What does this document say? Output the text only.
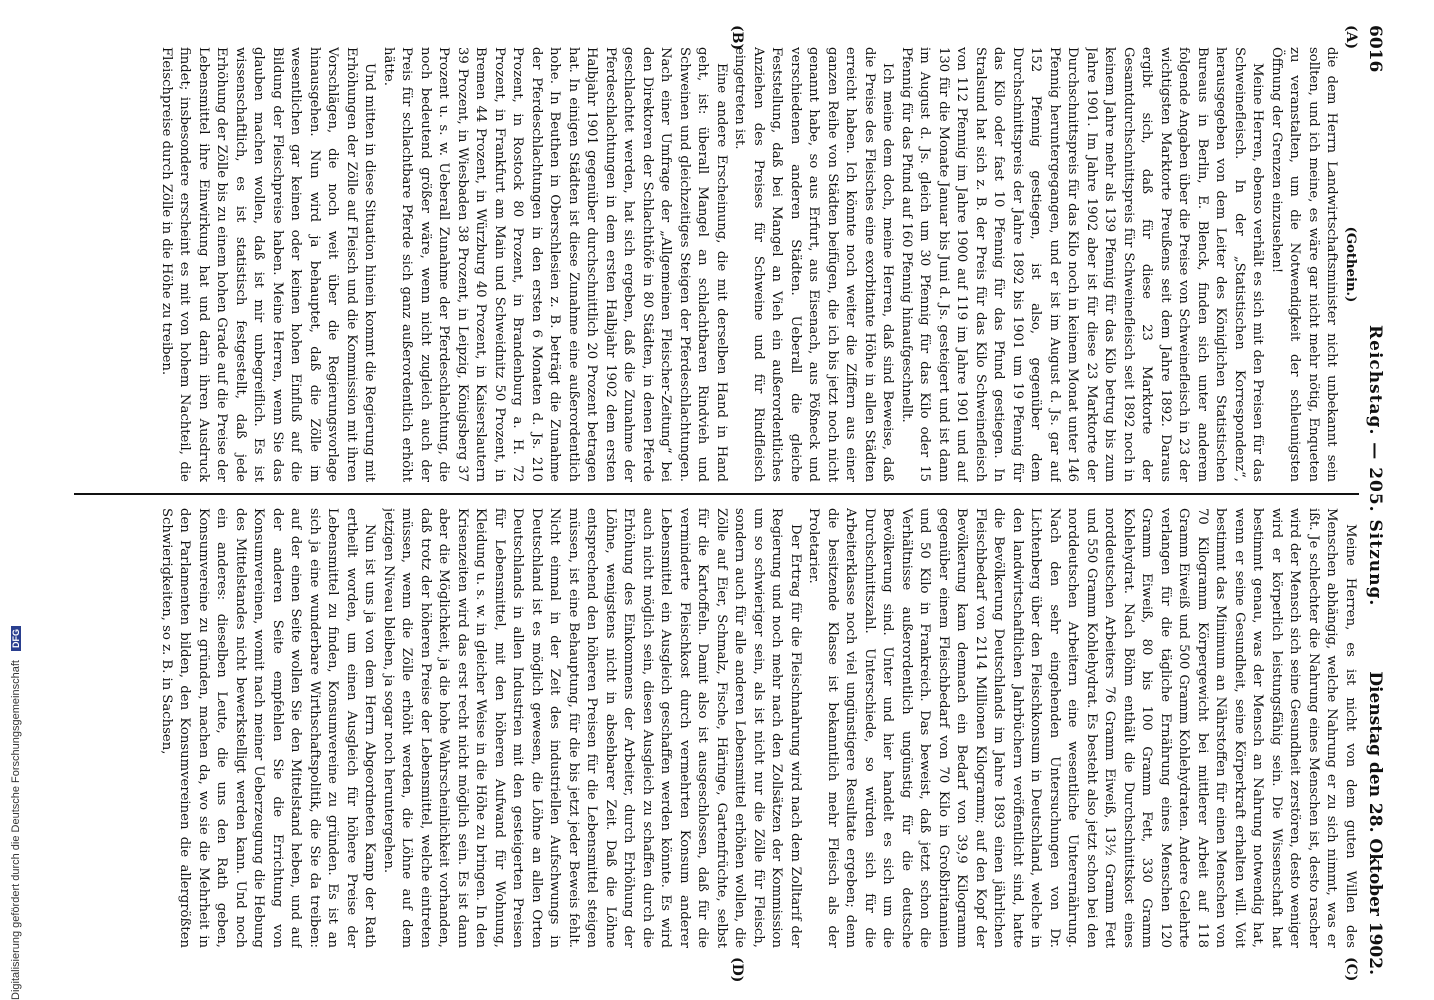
6016
Reichstag. — 205. Sitzung.
Dienstag den 28. Oktober 1902.
(A)
(B)
(C)
(D)
(Gothein.)

die dem Herrn Landwirtschaftsminister nicht unbekannt sein sollten, und ich meine, es wäre gar nicht mehr nötig, Enqueten zu veranstalten, um die Notwendigkeit der schleunigsten Öffnung der Grenzen einzusehen!

Meine Herren, ebenso verhält es sich mit den Preisen für das Schweinefleisch. In der „Statistischen Korrespondenz“, herausgegeben von dem Leiter des Königlichen Statistischen Bureaus in Berlin, E. Blenck, finden sich unter anderem folgende Angaben über die Preise von Schweinefleisch in 23 der wichtigsten Marktorte Preußens seit dem Jahre 1892. Daraus ergibt sich, daß für diese 23 Marktorte der Gesamtdurchschnittspreis für Schweinefleisch seit 1892 noch in keinem Jahre mehr als 139 Pfennig für das Kilo betrug bis zum Jahre 1901. Im Jahre 1902 aber ist für diese 23 Marktorte der Durchschnittspreis für das Kilo noch in keinem Monat unter 146 Pfennig heruntergegangen, und er ist im August d. Js. gar auf 152 Pfennig gestiegen, ist also, gegenüber dem Durchschnittspreis der Jahre 1892 bis 1901 um 19 Pfennig für das Kilo oder fast 10 Pfennig für das Pfund gestiegen. In Stralsund hat sich z. B. der Preis für das Kilo Schweinefleisch von 112 Pfennig im Jahre 1900 auf 119 im Jahre 1901 und auf 130 für die Monate Januar bis Juni d. Js. gesteigert und ist dann im August d. Js. gleich um 30 Pfennig für das Kilo oder 15 Pfennig für das Pfund auf 160 Pfennig hinaufgeschnellt.

Ich meine dem doch, meine Herren, daß sind Beweise, daß die Preise des Fleisches eine exorbitante Höhe in allen Städten erreicht haben. Ich könnte noch weiter die Ziffern aus einer ganzen Reihe von Städten beifügen, die ich bis jetzt noch nicht genannt habe, so aus Erfurt, aus Eisenach, aus Pößneck und verschiedenen anderen Städten. Ueberall die gleiche Feststellung, daß bei Mangel an Vieh ein außerordentliches Anziehen des Preises für Schweine und für Rindfleisch eingetreten ist.

Eine andere Erscheinung, die mit derselben Hand in Hand geht, ist: überall Mangel an schlachtbaren Rindvieh und Schweinen und gleichzeitiges Steigen der Pferdeschlachtungen. Nach einer Umfrage der „Allgemeinen Fleischer-Zeitung“ bei den Direktoren der Schlachthöfe in 80 Städten, in denen Pferde geschlachtet werden, hat sich ergeben, daß die Zunahme der Pferdeschlachtungen in dem ersten Halbjahr 1902 dem ersten Halbjahr 1901 gegenüber durchschnittlich 20 Prozent betragen hat. In einigen Städten ist diese Zunahme eine außerordentlich hohe. In Beuthen in Oberschlesien z. B. beträgt die Zunahme der Pferdeschlachtungen in den ersten 6 Monaten d. Js. 210 Prozent, in Rostock 80 Prozent, in Brandenburg a. H. 72 Prozent, in Frankfurt am Main und Schweidnitz 50 Prozent, in Bremen 44 Prozent, in Würzburg 40 Prozent, in Kaiserslautern 39 Prozent, in Wiesbaden 38 Prozent, in Leipzig, Königsberg 37 Prozent u. s. w. Ueberall Zunahme der Pferdeschlachtung, die noch bedeutend größer wäre, wenn nicht zugleich auch der Preis für schlachtbare Pferde sich ganz außerordentlich erhöht hätte.

Und mitten in diese Situation hinein kommt die Regierung mit Erhöhungen der Zölle auf Fleisch und die Kommission mit ihren Vorschlägen, die noch weit über die Regierungsvorlage hinausgehen. Nun wird ja behauptet, daß die Zölle im wesentlichen gar keinen oder keinen hohen Einfluß auf die Bildung der Fleischpreise haben. Meine Herren, wenn Sie das glauben machen wollen, daß ist mir unbegreiflich. Es ist wissenschaftlich, es ist statistisch festgestellt, daß jede Erhöhung der Zölle bis zu einem hohen Grade auf die Preise der Lebensmittel ihre Einwirkung hat und darin ihren Ausdruck findet; insbesondere erscheint es mit von hohem Nachteil, die Fleischpreise durch Zölle in die Höhe zu treiben.

Meine Herren, es ist nicht von dem guten Willen des Menschen abhängig, welche Nahrung er zu sich nimmt, was er ißt. Je schlechter die Nahrung eines Menschen ist, desto rascher wird der Mensch sich seine Gesundheit zerstören, desto weniger wird er körperlich leistungsfähig sein. Die Wissenschaft hat bestimmt genau, was der Mensch an Nahrung notwendig hat, wenn er seine Gesundheit, seine Körperkraft erhalten will. Voit bestimmt das Minimum an Nährstoffen für einen Menschen von 70 Kilogramm Körpergewicht bei mittlerer Arbeit auf 118 Gramm Eiweiß und 500 Gramm Kohlehydraten. Andere Gelehrte verlangen für die tägliche Ernährung eines Menschen 120 Gramm Eiweiß, 80 bis 100 Gramm Fett, 330 Gramm Kohlehydrat. Nach Böhm enthält die Durchschnittskost eines norddeutschen Arbeiters 76 Gramm Eiweiß, 13½ Gramm Fett und 550 Gramm Kohlehydrat. Es besteht also jetzt schon bei den norddeutschen Arbeitern eine wesentliche Unterernährung. Nach den sehr eingehenden Untersuchungen von Dr. Lichtenberg über den Fleischkonsum in Deutschland, welche in den landwirtschaftlichen Jahrbüchern veröffentlicht sind, hatte die Bevölkerung Deutschlands im Jahre 1893 einen jährlichen Fleischbedarf von 2114 Millionen Kilogramm; auf den Kopf der Bevölkerung kam demnach ein Bedarf von 39,9 Kilogramm gegenüber einem Fleischbedarf von 70 Kilo in Großbritannien und 50 Kilo in Frankreich. Das beweist, daß jetzt schon die Verhältnisse außerordentlich ungünstig für die deutsche Bevölkerung sind. Unter und hier handelt es sich um die Durchschnittszahl. Unterschiede, so würden sich für die Arbeiterklasse noch viel ungünstigere Resultate ergeben; denn die besitzende Klasse ist bekanntlich mehr Fleisch als der Proletarier.

Der Ertrag für die Fleischnahrung wird nach dem Zolltarif der Regierung und noch mehr nach den Zollsätzen der Kommission um so schwieriger sein, als ist nicht nur die Zölle für Fleisch, sondern auch für alle anderen Lebensmittel erhöhen wollen, die Zölle auf Eier, Schmalz, Fische, Häringe, Gartenfrüchte, selbst für die Kartoffeln. Damit also ist ausgeschlossen, daß für die verminderte Fleischkost durch vermehrten Konsum anderer Lebensmittel ein Ausgleich geschaffen werden könnte. Es wird auch nicht möglich sein, diesen Ausgleich zu schaffen durch die Erhöhung des Einkommens der Arbeiter, durch Erhöhung der Löhne, wenigstens nicht in absehbarer Zeit. Daß die Löhne entsprechend den höheren Preisen für die Lebensmittel steigen müssen, ist eine Behauptung, für die bis jetzt jeder Beweis fehlt. Nicht einmal in der Zeit des industriellen Aufschwungs in Deutschland ist es möglich gewesen, die Löhne an allen Orten Deutschlands in allen Industrien mit den gesteigerten Preisen für Lebensmittel, mit den höheren Aufwand für Wohnung, Kleidung u. s. w. in gleicher Weise in die Höhe zu bringen. In den Krisenzeiten wird das erst recht nicht möglich sein. Es ist dann aber die Möglichkeit, ja die hohe Wahrscheinlichkeit vorhanden, daß trotz der höheren Preise der Lebensmittel, welche eintreten müssen, wenn die Zölle erhöht werden, die Löhne auf dem jetzigen Niveau bleiben, ja sogar noch heruntergehen.

Nun ist uns ja von dem Herrn Abgeordneten Kamp der Rath ertheilt worden, um einen Ausgleich für höhere Preise der Lebensmittel zu finden, Konsumvereine zu gründen. Es ist an sich ja eine wunderbare Wirthschaftspolitik, die Sie da treiben: auf der einen Seite wollen Sie den Mittelstand heben, und auf der anderen Seite empfehlen Sie die Errichtung von Konsumvereinen, womit nach meiner Ueberzeugung die Hebung des Mittelstandes nicht bewerkstelligt werden kann. Und noch ein anderes: dieselben Leute, die uns den Rath geben, Konsumvereine zu gründen, machen da, wo sie die Mehrheit in den Parlamenten bilden, den Konsumvereinen die allergrößten Schwierigkeiten, so z. B. in Sachsen,

Digitalisierung gefördert durch die Deutsche Forschungsgemeinschaft DFG
